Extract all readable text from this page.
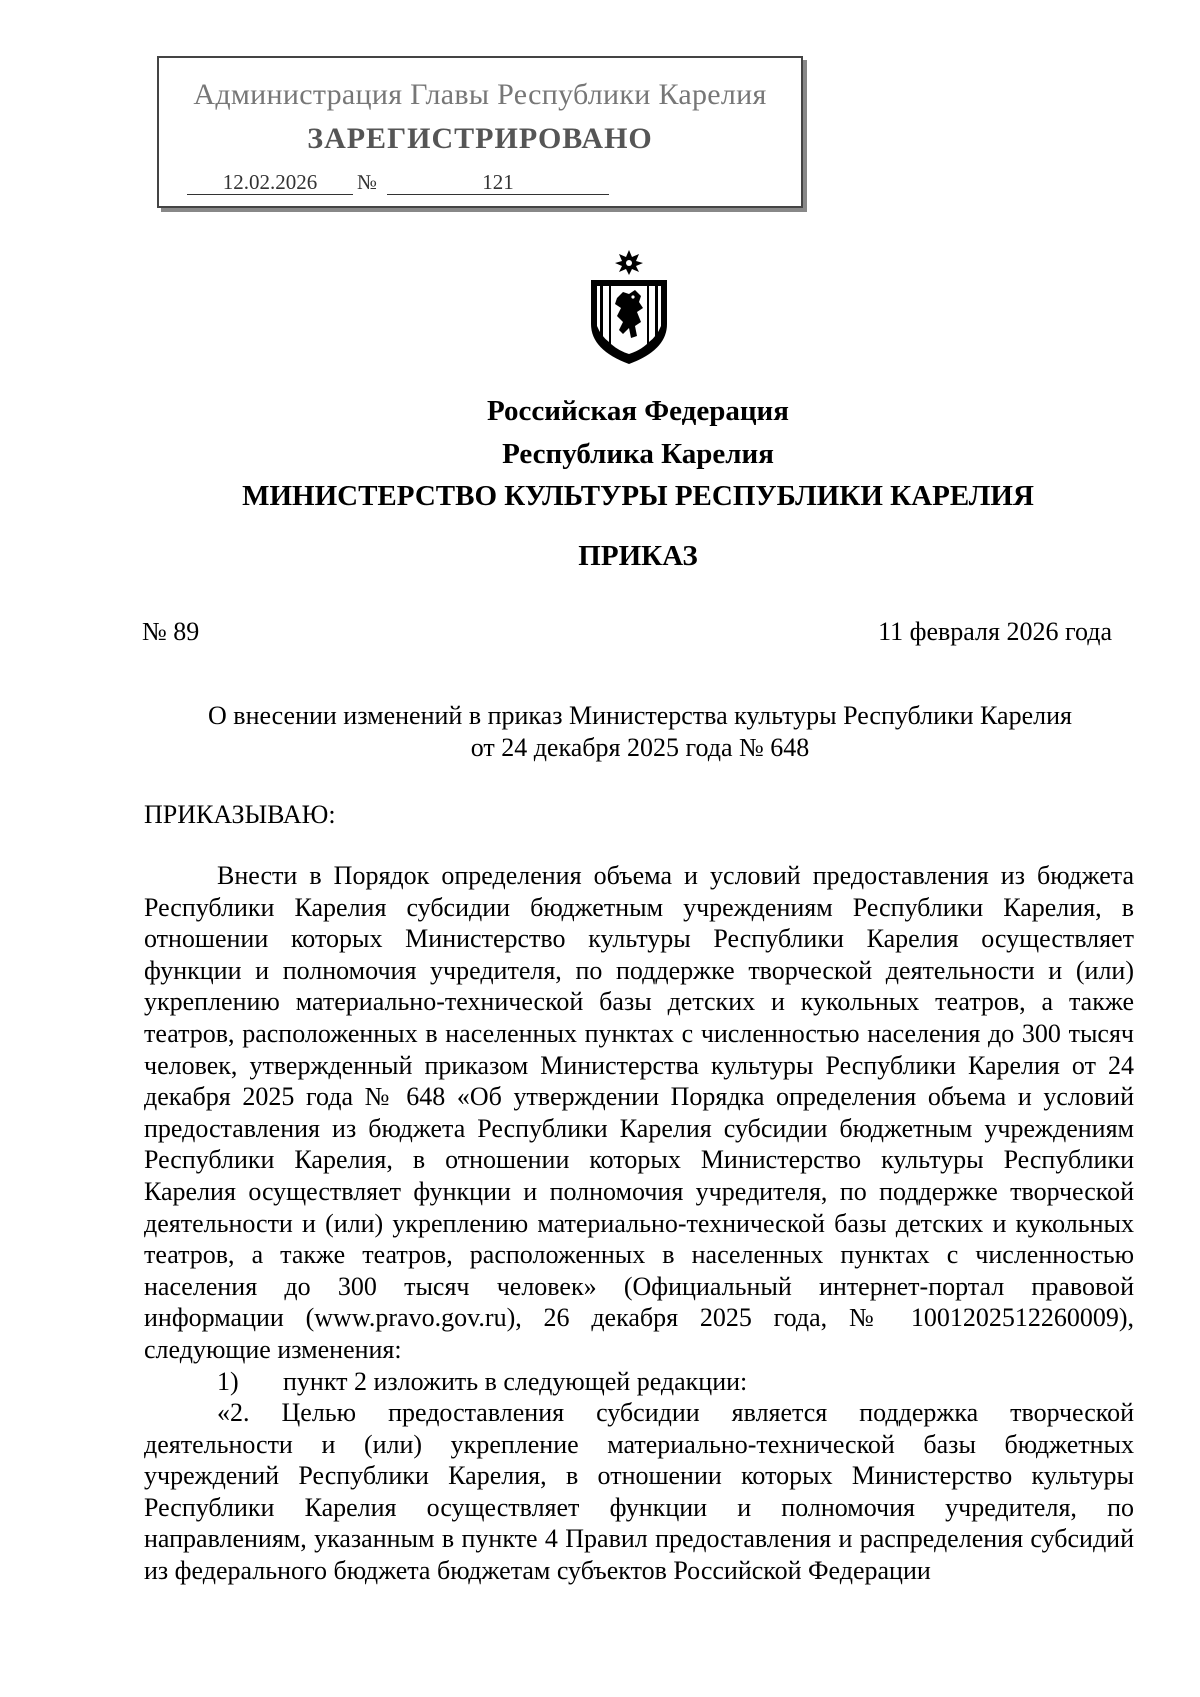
Администрация Главы Республики Карелия
ЗАРЕГИСТРИРОВАНО
12.02.2026	№	121
Российская Федерация
Республика Карелия
МИНИСТЕРСТВО КУЛЬТУРЫ РЕСПУБЛИКИ КАРЕЛИЯ
ПРИКАЗ
№ 89	11 февраля 2026 года
О внесении изменений в приказ Министерства культуры Республики Карелия
от 24 декабря 2025 года № 648
ПРИКАЗЫВАЮ:

Внести в Порядок определения объема и условий предоставления из бюджета Республики Карелия субсидии бюджетным учреждениям Республики Карелия, в отношении которых Министерство культуры Республики Карелия осуществляет функции и полномочия учредителя, по поддержке творческой деятельности и (или) укреплению материально-технической базы детских и кукольных театров, а также театров, расположенных в населенных пунктах с численностью населения до 300 тысяч человек, утвержденный приказом Министерства культуры Республики Карелия от 24 декабря 2025 года № 648 «Об утверждении Порядка определения объема и условий предоставления из бюджета Республики Карелия субсидии бюджетным учреждениям Республики Карелия, в отношении которых Министерство культуры Республики Карелия осуществляет функции и полномочия учредителя, по поддержке творческой деятельности и (или) укреплению материально-технической базы детских и кукольных театров, а также театров, расположенных в населенных пунктах с численностью населения до 300 тысяч человек» (Официальный интернет-портал правовой информации (www.pravo.gov.ru), 26 декабря 2025 года, № 1001202512260009), следующие изменения:

1)	пункт 2 изложить в следующей редакции:

«2. Целью предоставления субсидии является поддержка творческой деятельности и (или) укрепление материально-технической базы бюджетных учреждений Республики Карелия, в отношении которых Министерство культуры Республики Карелия осуществляет функции и полномочия учредителя, по направлениям, указанным в пункте 4 Правил предоставления и распределения субсидий из федерального бюджета бюджетам субъектов Российской Федерации
